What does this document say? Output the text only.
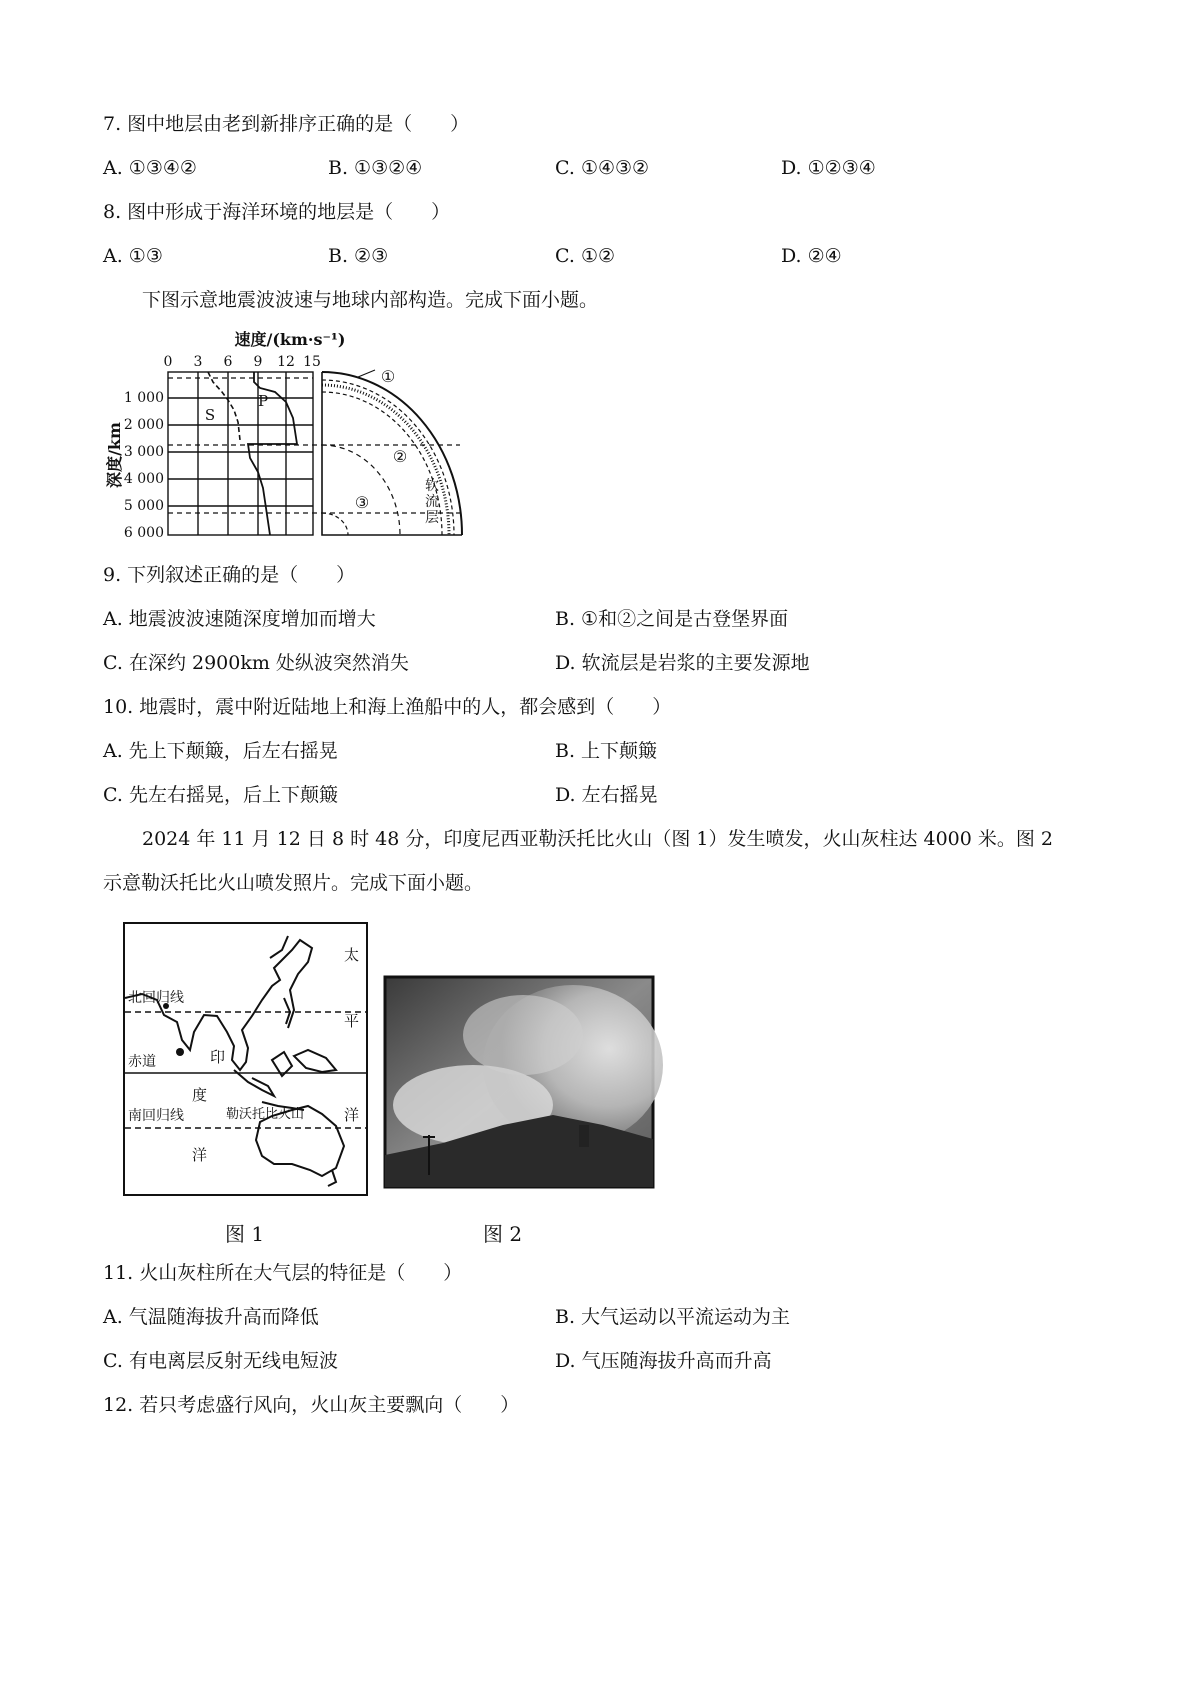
7. 图中地层由老到新排序正确的是（　　）
A. ①③④②	B. ①③②④	C. ①④③②	D. ①②③④
8. 图中形成于海洋环境的地层是（　　）
A. ①③	B. ②③	C. ①②	D. ②④
下图示意地震波波速与地球内部构造。完成下面小题。
速度/(km·s⁻¹)
0 3 6 9 12 15
1 000
2 000
3 000
4 000
5 000
6 000
深度/km
S
P
①
②
③
软
流
层
9. 下列叙述正确的是（　　）
A. 地震波波速随深度增加而增大	B. ①和②之间是古登堡界面
C. 在深约 2900km 处纵波突然消失	D. 软流层是岩浆的主要发源地
10. 地震时，震中附近陆地上和海上渔船中的人，都会感到（　　）
A. 先上下颠簸，后左右摇晃	B. 上下颠簸
C. 先左右摇晃，后上下颠簸	D. 左右摇晃
2024 年 11 月 12 日 8 时 48 分，印度尼西亚勒沃托比火山（图 1）发生喷发，火山灰柱达 4000 米。图 2
示意勒沃托比火山喷发照片。完成下面小题。
北回归线
赤道
南回归线
印
度
洋
勒沃托比火山
太
平
洋
图 1	图 2
11. 火山灰柱所在大气层的特征是（　　）
A. 气温随海拔升高而降低	B. 大气运动以平流运动为主
C. 有电离层反射无线电短波	D. 气压随海拔升高而升高
12. 若只考虑盛行风向，火山灰主要飘向（　　）
